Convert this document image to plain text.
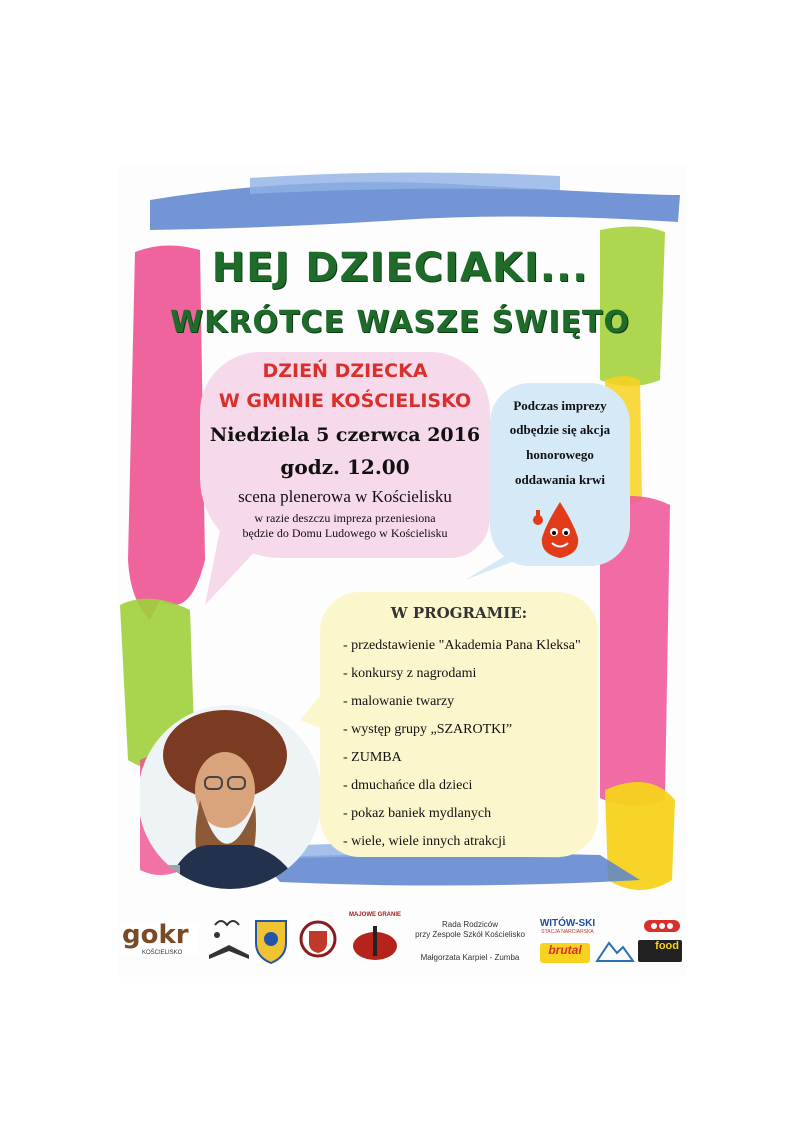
HEJ DZIECIAKI...
WKRÓTCE WASZE ŚWIĘTO
DZIEŃ DZIECKA
W GMINIE KOŚCIELISKO
Niedziela 5 czerwca 2016
godz. 12.00
scena plenerowa w Kościelisku
w razie deszczu impreza przeniesiona
będzie do Domu Ludowego w Kościelisku
Podczas imprezy
odbędzie się akcja
honorowego
oddawania krwi
W PROGRAMIE:
- przedstawienie "Akademia Pana Kleksa"
- konkursy z nagrodami
- malowanie twarzy
- występ grupy „SZAROTKI”
- ZUMBA
- dmuchańce dla dzieci
- pokaz baniek mydlanych
- wiele, wiele innych atrakcji
gokr
KOŚCIELISKO
MAJOWE GRANIE
Rada Rodziców
przy Zespole Szkół Kościelisko
Małgorzata Karpiel - Zumba
WITÓW-SKI
STACJA NARCIARSKA
brutal	food
